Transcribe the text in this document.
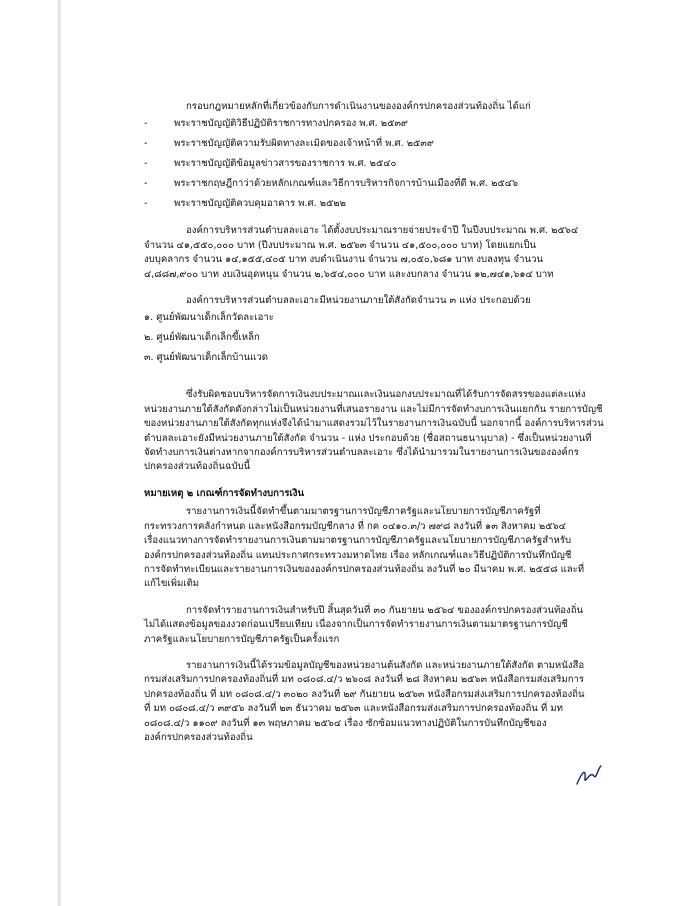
กรอบกฎหมายหลักที่เกี่ยวข้องกับการดำเนินงานขององค์กรปกครองส่วนท้องถิ่น ได้แก่

-	พระราชบัญญัติวิธีปฏิบัติราชการทางปกครอง พ.ศ. ๒๕๓๙
-	พระราชบัญญัติความรับผิดทางละเมิดของเจ้าหน้าที่ พ.ศ. ๒๕๓๙
-	พระราชบัญญัติข้อมูลข่าวสารของราชการ พ.ศ. ๒๕๔๐
-	พระราชกฤษฎีกาว่าด้วยหลักเกณฑ์และวิธีการบริหารกิจการบ้านเมืองที่ดี พ.ศ. ๒๕๔๖
-	พระราชบัญญัติควบคุมอาคาร พ.ศ. ๒๕๒๒

องค์การบริหารส่วนตำบลละเอาะ ได้ตั้งงบประมาณรายจ่ายประจำปี ในปีงบประมาณ พ.ศ. ๒๕๖๔

จำนวน ๔๑,๕๕๐,๐๐๐ บาท (ปีงบประมาณ พ.ศ. ๒๕๖๓ จำนวน ๔๑,๕๐๐,๐๐๐ บาท) โดยแยกเป็น

งบบุคลากร จำนวน ๑๔,๑๕๕,๔๐๕ บาท งบดำเนินงาน จำนวน ๗,๐๕๐,๖๘๑ บาท งบลงทุน จำนวน

๔,๘๘๗,๙๐๐ บาท งบเงินอุดหนุน จำนวน ๒,๖๕๔,๐๐๐ บาท และงบกลาง จำนวน ๑๒,๗๔๑,๖๑๔ บาท

องค์การบริหารส่วนตำบลละเอาะมีหน่วยงานภายใต้สังกัดจำนวน ๓ แห่ง ประกอบด้วย

๑. ศูนย์พัฒนาเด็กเล็กวัดละเอาะ
๒. ศูนย์พัฒนาเด็กเล็กขี้เหล็ก
๓. ศูนย์พัฒนาเด็กเล็กบ้านแวด

ซึ่งรับผิดชอบบริหารจัดการเงินงบประมาณและเงินนอกงบประมาณที่ได้รับการจัดสรรของแต่ละแห่ง

หน่วยงานภายใต้สังกัดดังกล่าวไม่เป็นหน่วยงานที่เสนอรายงาน และไม่มีการจัดทำงบการเงินแยกกัน รายการบัญชี

ของหน่วยงานภายใต้สังกัดทุกแห่งจึงได้นำมาแสดงรวมไว้ในรายงานการเงินฉบับนี้ นอกจากนี้ องค์การบริหารส่วน

ตำบลละเอาะยังมีหน่วยงานภายใต้สังกัด จำนวน - แห่ง ประกอบด้วย (ชื่อสถานธนานุบาล) - ซึ่งเป็นหน่วยงานที่

จัดทำงบการเงินต่างหากจากองค์การบริหารส่วนตำบลละเอาะ ซึ่งได้นำมารวมในรายงานการเงินขององค์กร

ปกครองส่วนท้องถิ่นฉบับนี้

หมายเหตุ ๒ เกณฑ์การจัดทำงบการเงิน

รายงานการเงินนี้จัดทำขึ้นตามมาตรฐานการบัญชีภาครัฐและนโยบายการบัญชีภาครัฐที่

กระทรวงการคลังกำหนด และหนังสือกรมบัญชีกลาง ที่ กค ๐๔๑๐.๓/ว ๗๙๘ ลงวันที่ ๑๓ สิงหาคม ๒๕๖๔

เรื่องแนวทางการจัดทำรายงานการเงินตามมาตรฐานการบัญชีภาครัฐและนโยบายการบัญชีภาครัฐสำหรับ

องค์กรปกครองส่วนท้องถิ่น แทนประกาศกระทรวงมหาดไทย เรื่อง หลักเกณฑ์และวิธีปฏิบัติการบันทึกบัญชี

การจัดทำทะเบียนและรายงานการเงินขององค์กรปกครองส่วนท้องถิ่น ลงวันที่ ๒๐ มีนาคม พ.ศ. ๒๕๕๘ และที่

แก้ไขเพิ่มเติม

การจัดทำรายงานการเงินสำหรับปี สิ้นสุดวันที่ ๓๐ กันยายน ๒๕๖๔ ขององค์กรปกครองส่วนท้องถิ่น

ไม่ได้แสดงข้อมูลของงวดก่อนเปรียบเทียบ เนื่องจากเป็นการจัดทำรายงานการเงินตามมาตรฐานการบัญชี

ภาครัฐและนโยบายการบัญชีภาครัฐเป็นครั้งแรก

รายงานการเงินนี้ได้รวมข้อมูลบัญชีของหน่วยงานต้นสังกัด และหน่วยงานภายใต้สังกัด ตามหนังสือ

กรมส่งเสริมการปกครองท้องถิ่นที่ มท ๐๘๐๘.๔/ว ๒๖๐๘ ลงวันที่ ๒๘ สิงหาคม ๒๕๖๓ หนังสือกรมส่งเสริมการ

ปกครองท้องถิ่น ที่ มท ๐๘๐๘.๔/ว ๓๐๒๐ ลงวันที่ ๒๙ กันยายน ๒๕๖๓ หนังสือกรมส่งเสริมการปกครองท้องถิ่น

ที่ มท ๐๘๐๘.๔/ว ๓๙๕๖ ลงวันที่ ๒๓ ธันวาคม ๒๕๖๓ และหนังสือกรมส่งเสริมการปกครองท้องถิ่น ที่ มท

๐๘๐๘.๔/ว ๑๑๐๙ ลงวันที่ ๑๓ พฤษภาคม ๒๕๖๔ เรื่อง ซักซ้อมแนวทางปฏิบัติในการบันทึกบัญชีของ

องค์กรปกครองส่วนท้องถิ่น
